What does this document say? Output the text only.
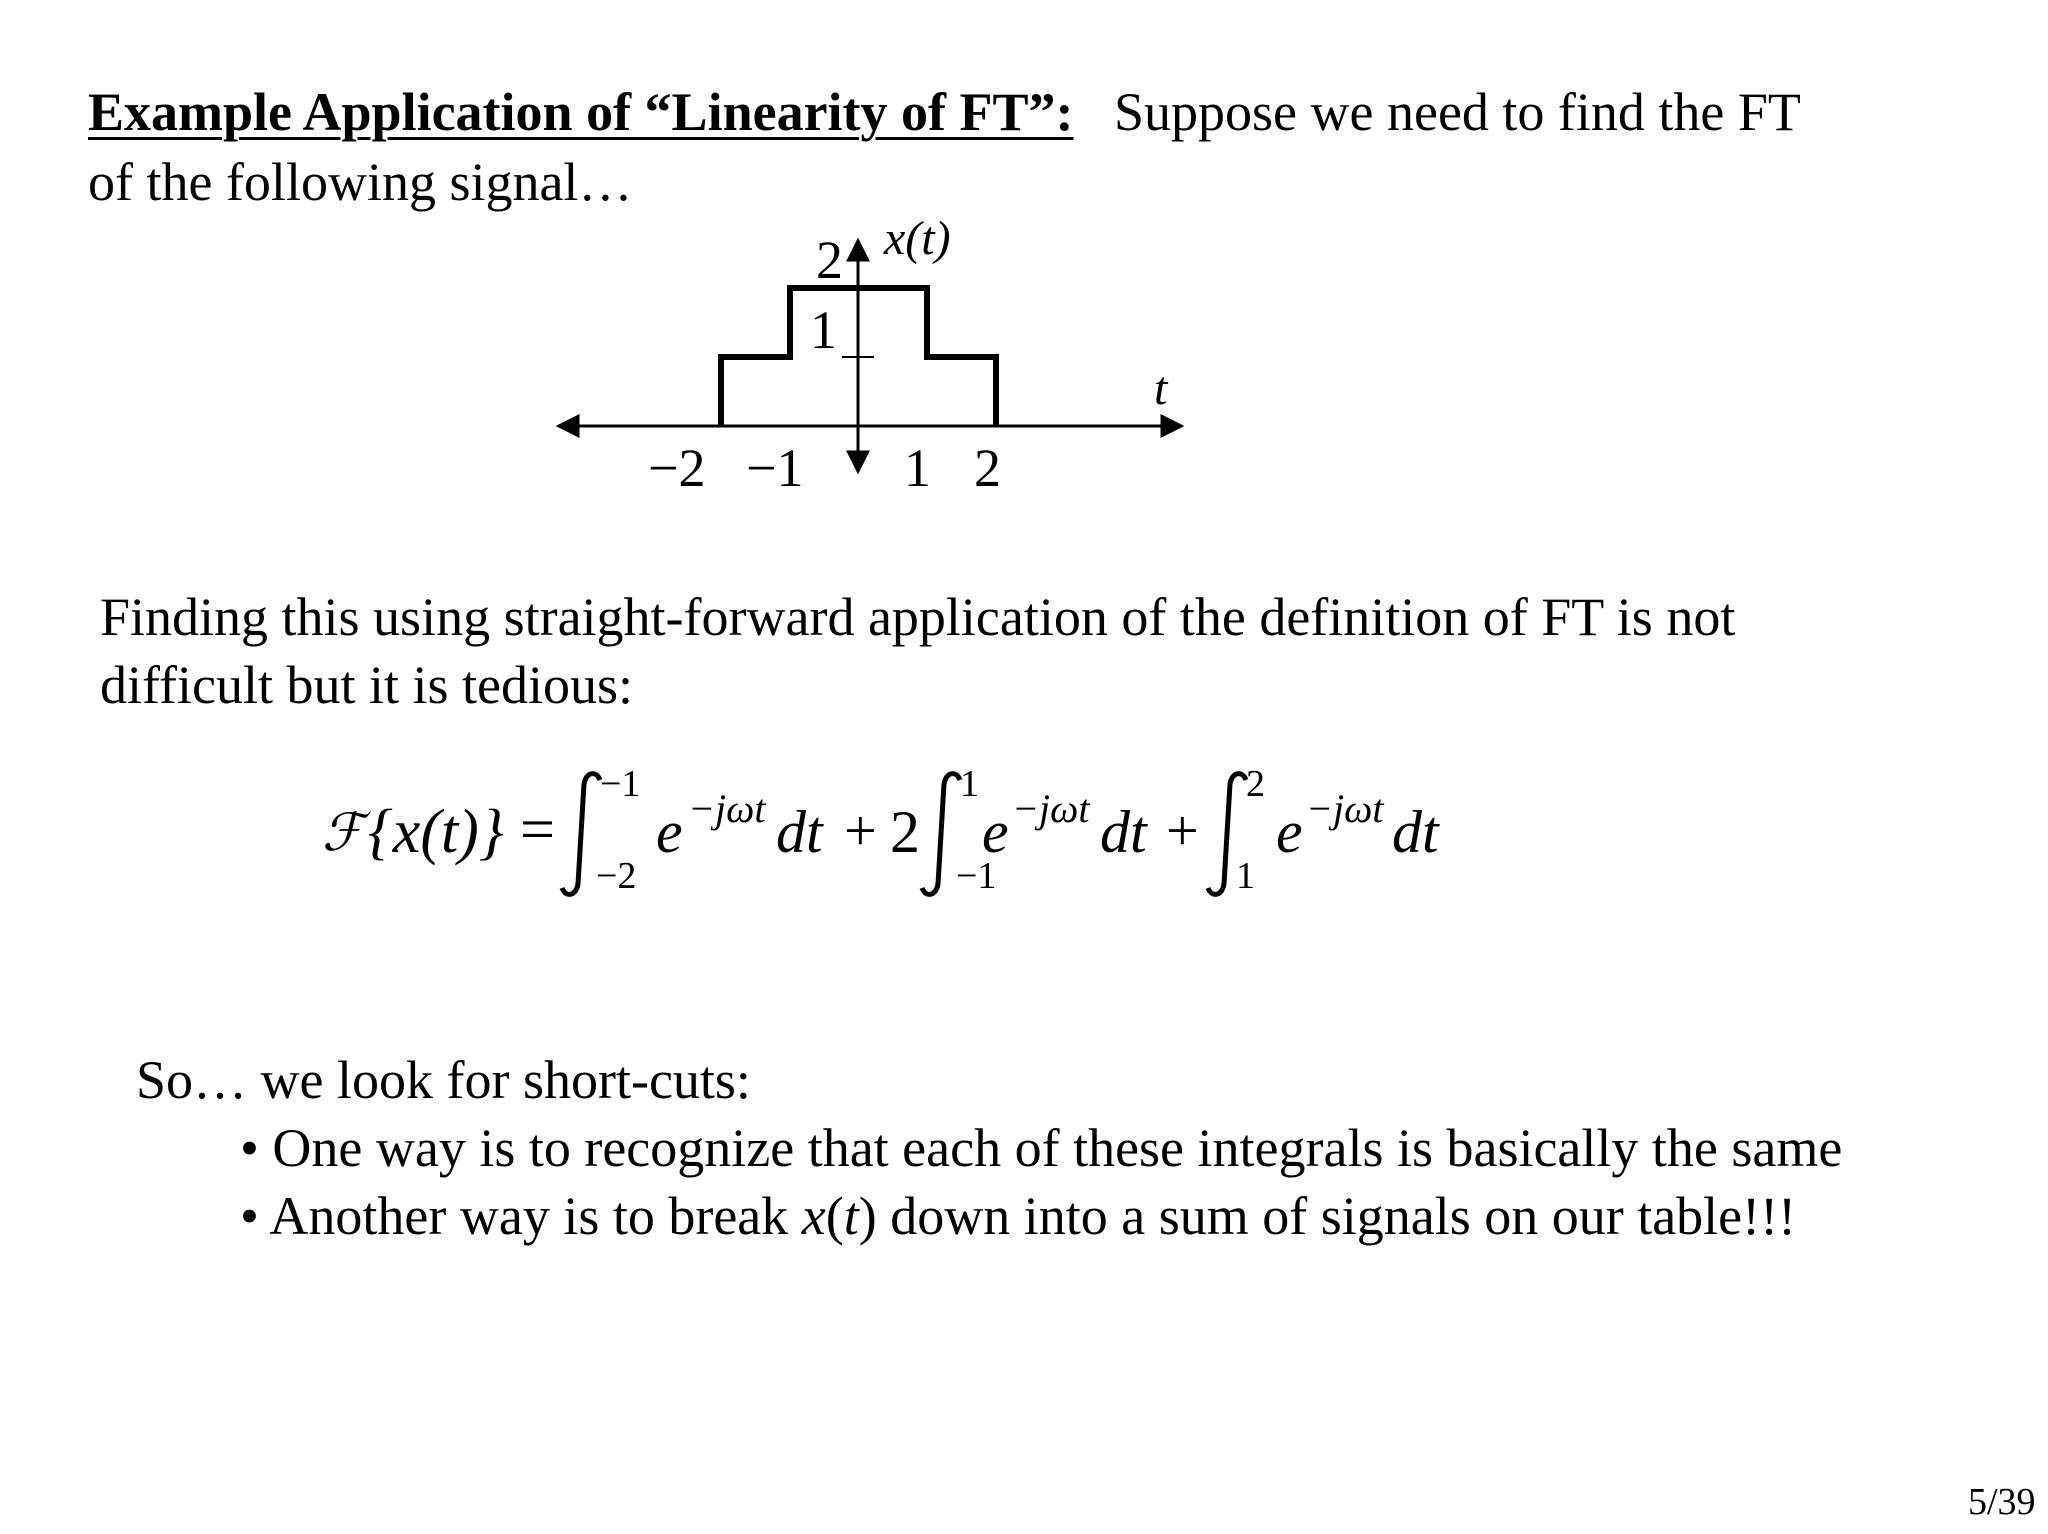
Example Application of “Linearity of FT”: Suppose we need to find the FT
of the following signal…
x(t)
t
2
1
−2 −1 1 2
Finding this using straight-forward application of the definition of FT is not difficult but it is tedious:
ℱ {x(t)} =
−1
−2
e −jωt dt + 2
1
−1
e −jωt dt +
2
1
e −jωt dt
So… we look for short-cuts:
• One way is to recognize that each of these integrals is basically the same
• Another way is to break x(t) down into a sum of signals on our table!!!
5/39
